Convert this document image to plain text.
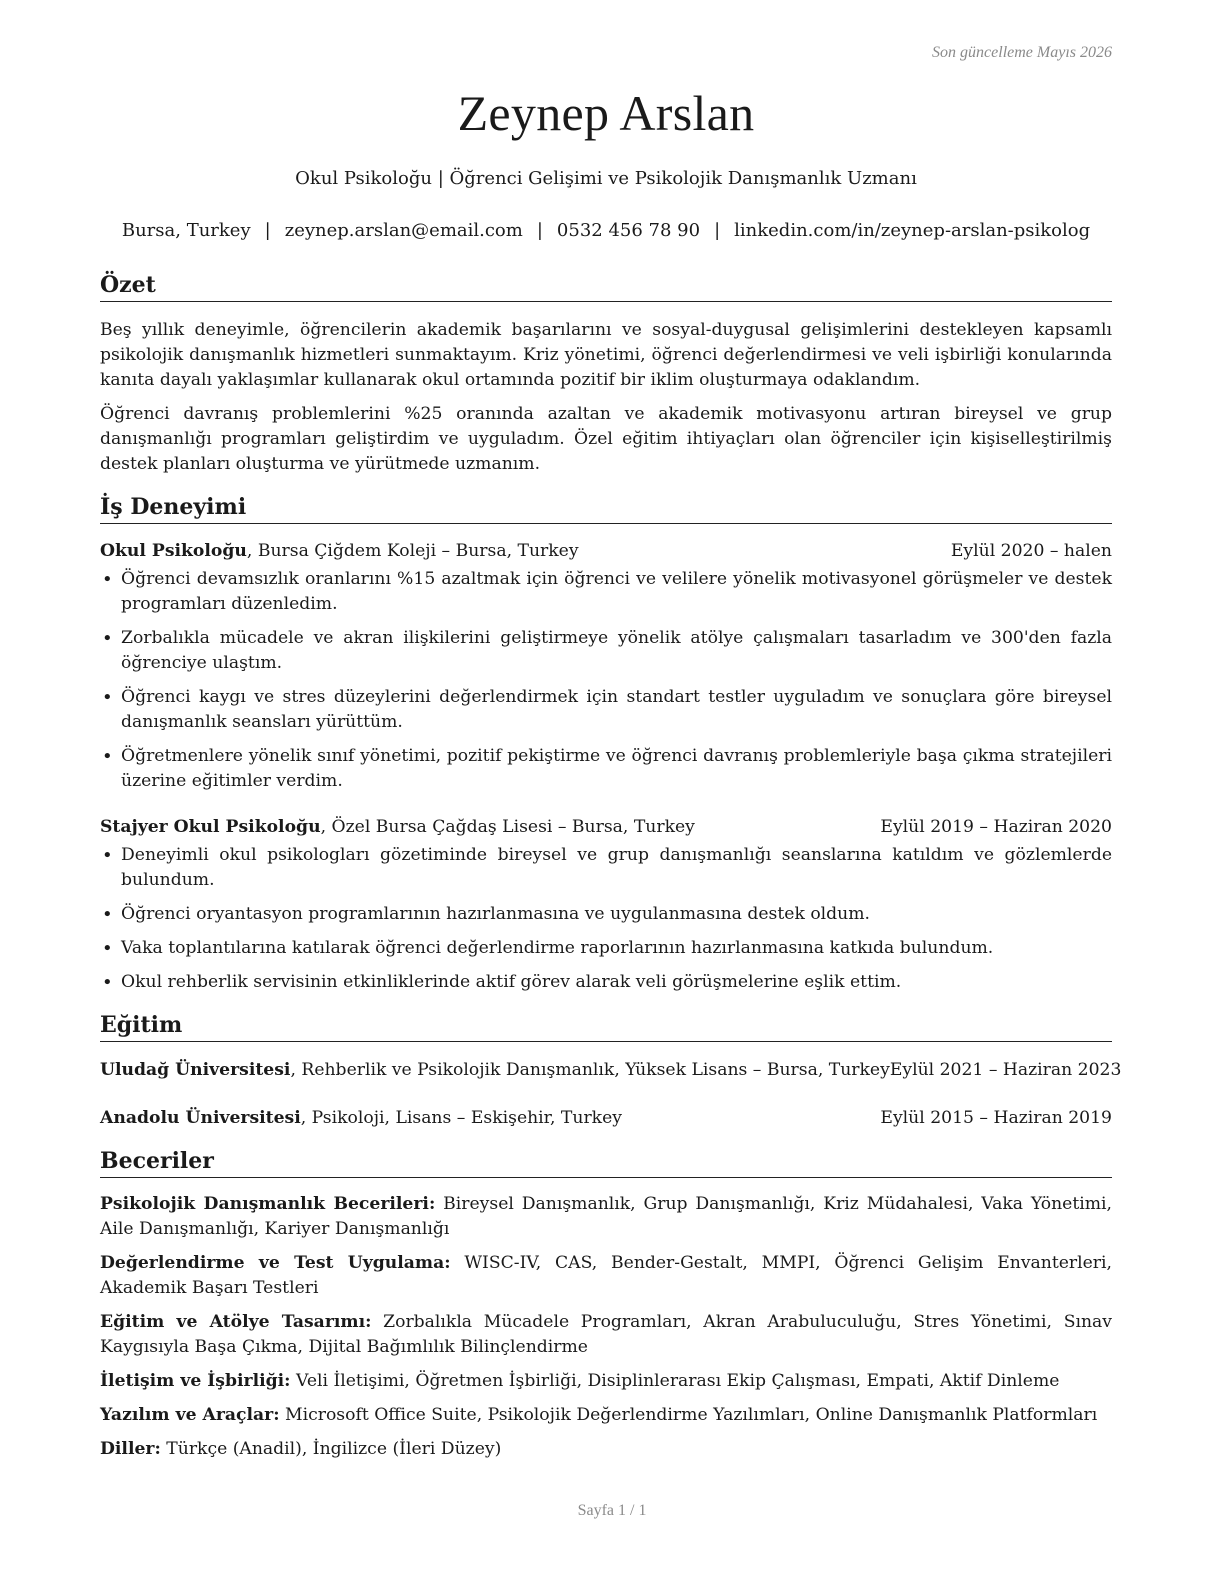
Son güncelleme Mayıs 2026
Zeynep Arslan
Okul Psikoloğu | Öğrenci Gelişimi ve Psikolojik Danışmanlık Uzmanı
Bursa, Turkey | zeynep.arslan@email.com | 0532 456 78 90 | linkedin.com/in/zeynep-arslan-psikolog
Özet

Beş yıllık deneyimle, öğrencilerin akademik başarılarını ve sosyal-duygusal gelişimlerini destekleyen kapsamlı psikolojik danışmanlık hizmetleri sunmaktayım. Kriz yönetimi, öğrenci değerlendirmesi ve veli işbirliği konularında kanıta dayalı yaklaşımlar kullanarak okul ortamında pozitif bir iklim oluşturmaya odaklandım.

Öğrenci davranış problemlerini %25 oranında azaltan ve akademik motivasyonu artıran bireysel ve grup danışmanlığı programları geliştirdim ve uyguladım. Özel eğitim ihtiyaçları olan öğrenciler için kişiselleştirilmiş destek planları oluşturma ve yürütmede uzmanım.

İş Deneyimi
Okul Psikoloğu, Bursa Çiğdem Koleji – Bursa, Turkey	Eylül 2020 – halen
• Öğrenci devamsızlık oranlarını %15 azaltmak için öğrenci ve velilere yönelik motivasyonel görüşmeler ve destek programları düzenledim.
• Zorbalıkla mücadele ve akran ilişkilerini geliştirmeye yönelik atölye çalışmaları tasarladım ve 300'den fazla öğrenciye ulaştım.
• Öğrenci kaygı ve stres düzeylerini değerlendirmek için standart testler uyguladım ve sonuçlara göre bireysel danışmanlık seansları yürüttüm.
• Öğretmenlere yönelik sınıf yönetimi, pozitif pekiştirme ve öğrenci davranış problemleriyle başa çıkma stratejileri üzerine eğitimler verdim.
Stajyer Okul Psikoloğu, Özel Bursa Çağdaş Lisesi – Bursa, Turkey	Eylül 2019 – Haziran 2020
• Deneyimli okul psikologları gözetiminde bireysel ve grup danışmanlığı seanslarına katıldım ve gözlemlerde bulundum.
• Öğrenci oryantasyon programlarının hazırlanmasına ve uygulanmasına destek oldum.
• Vaka toplantılarına katılarak öğrenci değerlendirme raporlarının hazırlanmasına katkıda bulundum.
• Okul rehberlik servisinin etkinliklerinde aktif görev alarak veli görüşmelerine eşlik ettim.
Eğitim
Uludağ Üniversitesi, Rehberlik ve Psikolojik Danışmanlık, Yüksek Lisans – Bursa, Turkey Eylül 2021 – Haziran 2023
Anadolu Üniversitesi, Psikoloji, Lisans – Eskişehir, Turkey	Eylül 2015 – Haziran 2019
Beceriler

Psikolojik Danışmanlık Becerileri: Bireysel Danışmanlık, Grup Danışmanlığı, Kriz Müdahalesi, Vaka Yönetimi, Aile Danışmanlığı, Kariyer Danışmanlığı

Değerlendirme ve Test Uygulama: WISC-IV, CAS, Bender-Gestalt, MMPI, Öğrenci Gelişim Envanterleri, Akademik Başarı Testleri

Eğitim ve Atölye Tasarımı: Zorbalıkla Mücadele Programları, Akran Arabuluculuğu, Stres Yönetimi, Sınav Kaygısıyla Başa Çıkma, Dijital Bağımlılık Bilinçlendirme

İletişim ve İşbirliği: Veli İletişimi, Öğretmen İşbirliği, Disiplinlerarası Ekip Çalışması, Empati, Aktif Dinleme

Yazılım ve Araçlar: Microsoft Office Suite, Psikolojik Değerlendirme Yazılımları, Online Danışmanlık Platformları

Diller: Türkçe (Anadil), İngilizce (İleri Düzey)

Sayfa 1 / 1
